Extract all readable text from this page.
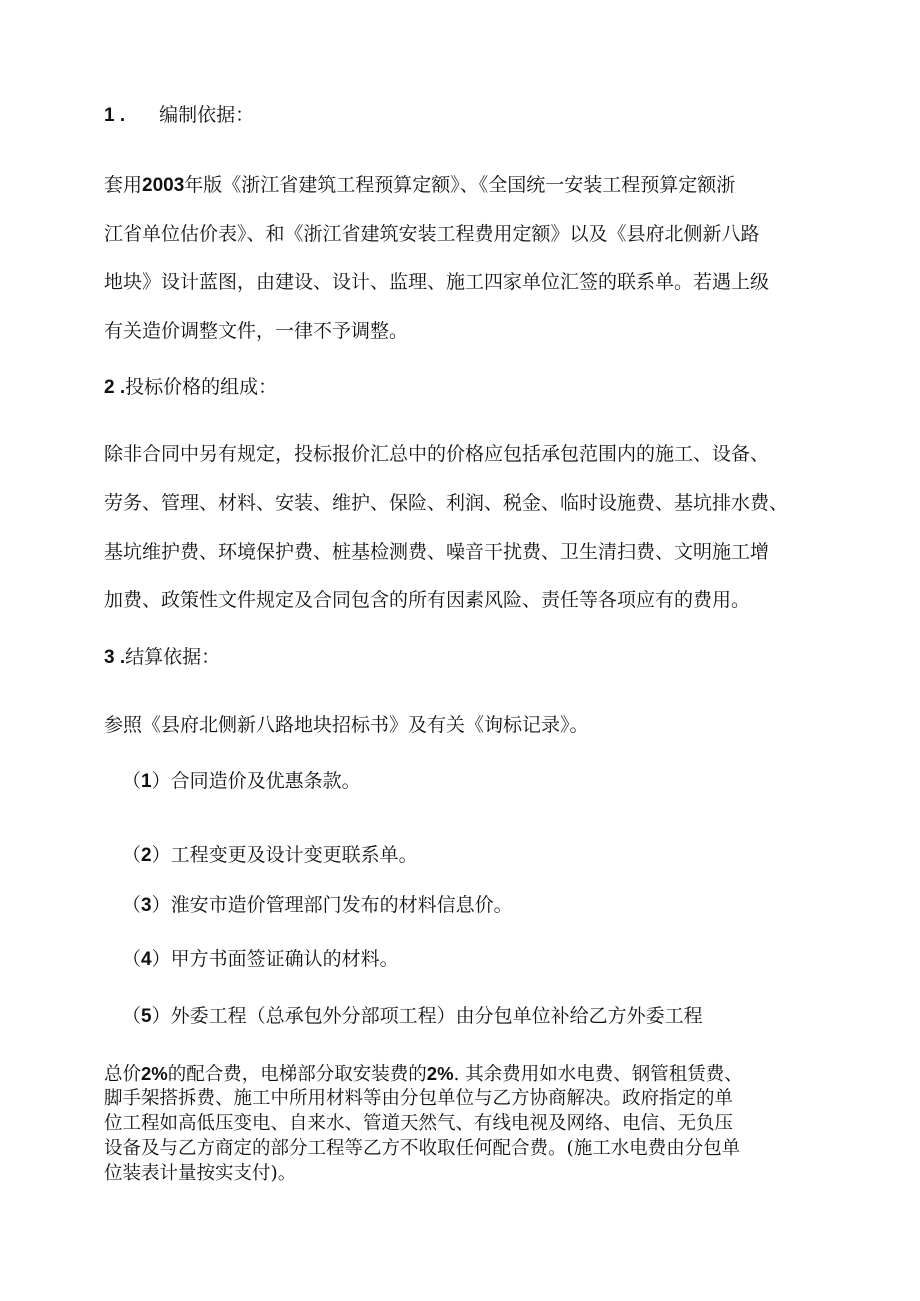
1 . 编制依据：
套用2003年版《浙江省建筑工程预算定额》、《全国统一安装工程预算定额浙
江省单位估价表》、和《浙江省建筑安装工程费用定额》以及《县府北侧新八路
地块》设计蓝图，由建设、设计、监理、施工四家单位汇签的联系单。若遇上级
有关造价调整文件，一律不予调整。
2 .投标价格的组成：
除非合同中另有规定，投标报价汇总中的价格应包括承包范围内的施工、设备、
劳务、管理、材料、安装、维护、保险、利润、税金、临时设施费、基坑排水费、
基坑维护费、环境保护费、桩基检测费、噪音干扰费、卫生清扫费、文明施工增
加费、政策性文件规定及合同包含的所有因素风险、责任等各项应有的费用。
3 .结算依据：
参照《县府北侧新八路地块招标书》及有关《询标记录》。
（1）合同造价及优惠条款。
（2）工程变更及设计变更联系单。
（3）淮安市造价管理部门发布的材料信息价。
（4）甲方书面签证确认的材料。
（5）外委工程（总承包外分部项工程）由分包单位补给乙方外委工程
总价2%的配合费，电梯部分取安装费的2%. 其余费用如水电费、钢管租赁费、
脚手架搭拆费、施工中所用材料等由分包单位与乙方协商解决。政府指定的单
位工程如高低压变电、自来水、管道天然气、有线电视及网络、电信、无负压
设备及与乙方商定的部分工程等乙方不收取任何配合费。(施工水电费由分包单
位装表计量按实支付)。
